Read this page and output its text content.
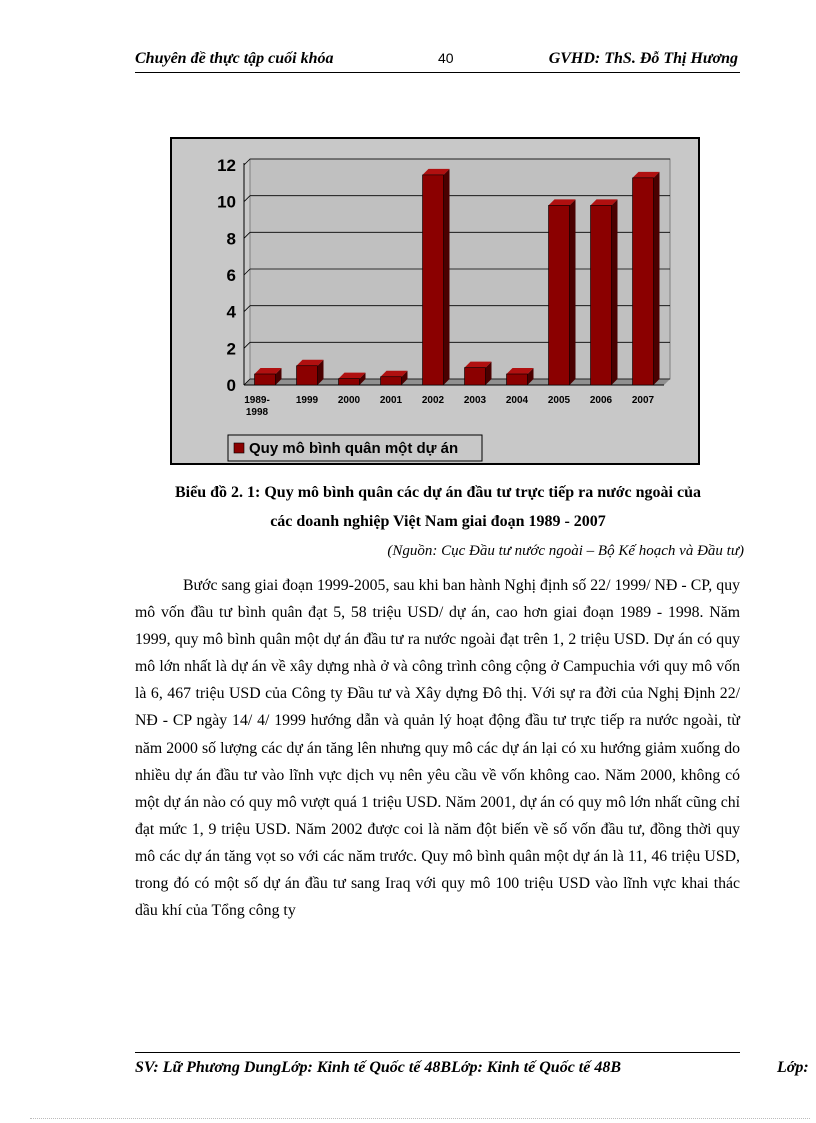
Chuyên đề thực tập cuối khóa	40	GVHD: ThS. Đỗ Thị Hương
0
2
4
6
8
10
12
1989-
1998
1999 2000 2001 2002 2003 2004 2005 2006 2007
Quy mô bình quân một dự án
Biểu đồ 2. 1: Quy mô bình quân các dự án đầu tư trực tiếp ra nước ngoài của
các doanh nghiệp Việt Nam giai đoạn 1989 - 2007
(Nguồn: Cục Đầu tư nước ngoài – Bộ Kế hoạch và Đầu tư)

Bước sang giai đoạn 1999-2005, sau khi ban hành Nghị định số 22/ 1999/ NĐ - CP, quy mô vốn đầu tư bình quân đạt 5, 58 triệu USD/ dự án, cao hơn giai đoạn 1989 - 1998. Năm 1999, quy mô bình quân một dự án đầu tư ra nước ngoài đạt trên 1, 2 triệu USD. Dự án có quy mô lớn nhất là dự án về xây dựng nhà ở và công trình công cộng ở Campuchia với quy mô vốn là 6, 467 triệu USD của Công ty Đầu tư và Xây dựng Đô thị. Với sự ra đời của Nghị Định 22/ NĐ - CP ngày 14/ 4/ 1999 hướng dẫn và quản lý hoạt động đầu tư trực tiếp ra nước ngoài, từ năm 2000 số lượng các dự án tăng lên nhưng quy mô các dự án lại có xu hướng giảm xuống do nhiều dự án đầu tư vào lĩnh vực dịch vụ nên yêu cầu về vốn không cao. Năm 2000, không có một dự án nào có quy mô vượt quá 1 triệu USD. Năm 2001, dự án có quy mô lớn nhất cũng chỉ đạt mức 1, 9 triệu USD. Năm 2002 được coi là năm đột biến về số vốn đầu tư, đồng thời quy mô các dự án tăng vọt so với các năm trước. Quy mô bình quân một dự án là 11, 46 triệu USD, trong đó có một số dự án đầu tư sang Iraq với quy mô 100 triệu USD vào lĩnh vực khai thác dầu khí của Tổng công ty

SV: Lữ Phương DungLớp: Kinh tế Quốc tế 48BLớp: Kinh tế Quốc tế 48B	Lớp:
